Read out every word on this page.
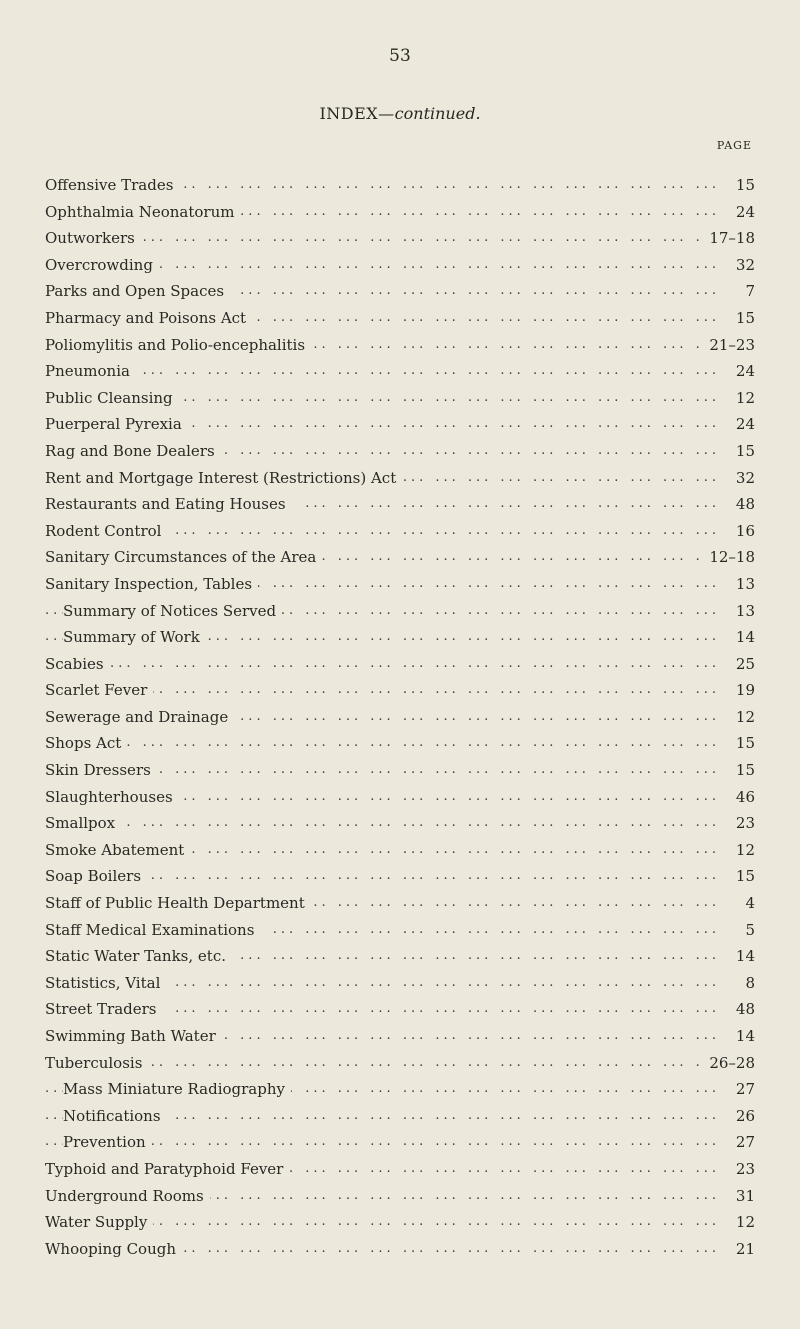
53
INDEX—continued.
PAGE
... .
Offensive Trades	15
... .
Ophthalmia Neonatorum	24
... .
Outworkers	17–18
... .
Overcrowding	32
... .
Parks and Open Spaces	7
... .
Pharmacy and Poisons Act	15
... .
Poliomylitis and Polio-encephalitis	21–23
... .
Pneumonia	24
... .
Public Cleansing	12
... .
Puerperal Pyrexia	24
... .
Rag and Bone Dealers	15
... .
Rent and Mortgage Interest (Restrictions) Act	32
... .
Restaurants and Eating Houses	48
... .
Rodent Control	16
... .
Sanitary Circumstances of the Area	12–18
... .
Sanitary Inspection, Tables	13
... .
Summary of Notices Served	13
... .
Summary of Work	14
... .
Scabies	25
... .
Scarlet Fever	19
... .
Sewerage and Drainage	12
... .
Shops Act	15
... .
Skin Dressers	15
... .
Slaughterhouses	46
... .
Smallpox	23
... .
Smoke Abatement	12
... .
Soap Boilers	15
... .
Staff of Public Health Department	4
... .
Staff Medical Examinations	5
... .
Static Water Tanks, etc.	14
... .
Statistics, Vital	8
... .
Street Traders	48
... .
Swimming Bath Water	14
... .
Tuberculosis	26–28
... .
Mass Miniature Radiography	27
... .
Notifications	26
... .
Prevention	27
... .
Typhoid and Paratyphoid Fever	23
... .
Underground Rooms	31
... .
Water Supply	12
... .
Whooping Cough	21
